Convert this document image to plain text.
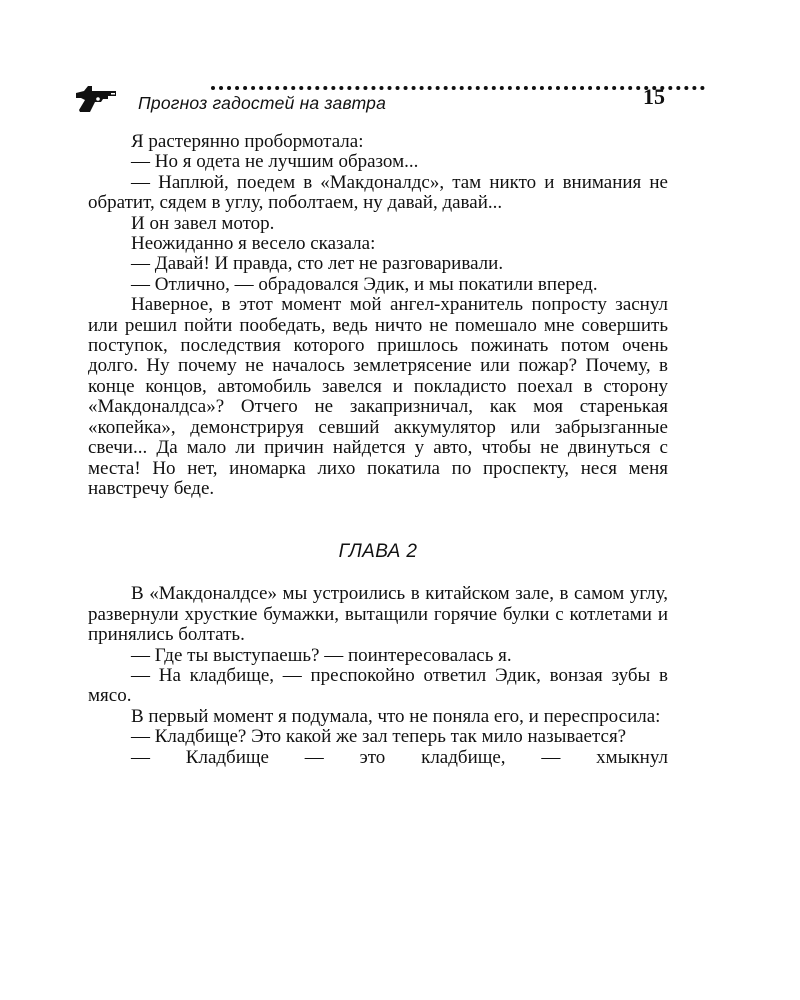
Прогноз гадостей на завтра	15

Я растерянно пробормотала:

— Но я одета не лучшим образом...

— Наплюй, поедем в «Макдоналдс», там никто и внимания не обратит, сядем в углу, поболтаем, ну давай, давай...

И он завел мотор.

Неожиданно я весело сказала:

— Давай! И правда, сто лет не разговаривали.

— Отлично, — обрадовался Эдик, и мы покатили вперед.

Наверное, в этот момент мой ангел-хранитель попросту заснул или решил пойти пообедать, ведь ничто не помешало мне совершить поступок, последствия которого пришлось пожинать потом очень долго. Ну почему не началось землетрясение или пожар? Почему, в конце концов, автомобиль завелся и покладисто поехал в сторону «Макдоналдса»? Отчего не закапризничал, как моя старенькая «копейка», демонстрируя севший аккумулятор или забрызганные свечи... Да мало ли причин найдется у авто, чтобы не двинуться с места! Но нет, иномарка лихо покатила по проспекту, неся меня навстречу беде.

ГЛАВА 2

В «Макдоналдсе» мы устроились в китайском зале, в самом углу, развернули хрусткие бумажки, вытащили горячие булки с котлетами и принялись болтать.

— Где ты выступаешь? — поинтересовалась я.

— На кладбище, — преспокойно ответил Эдик, вонзая зубы в мясо.

В первый момент я подумала, что не поняла его, и переспросила:

— Кладбище? Это какой же зал теперь так мило называется?

— Кладбище — это кладбище, — хмыкнул
